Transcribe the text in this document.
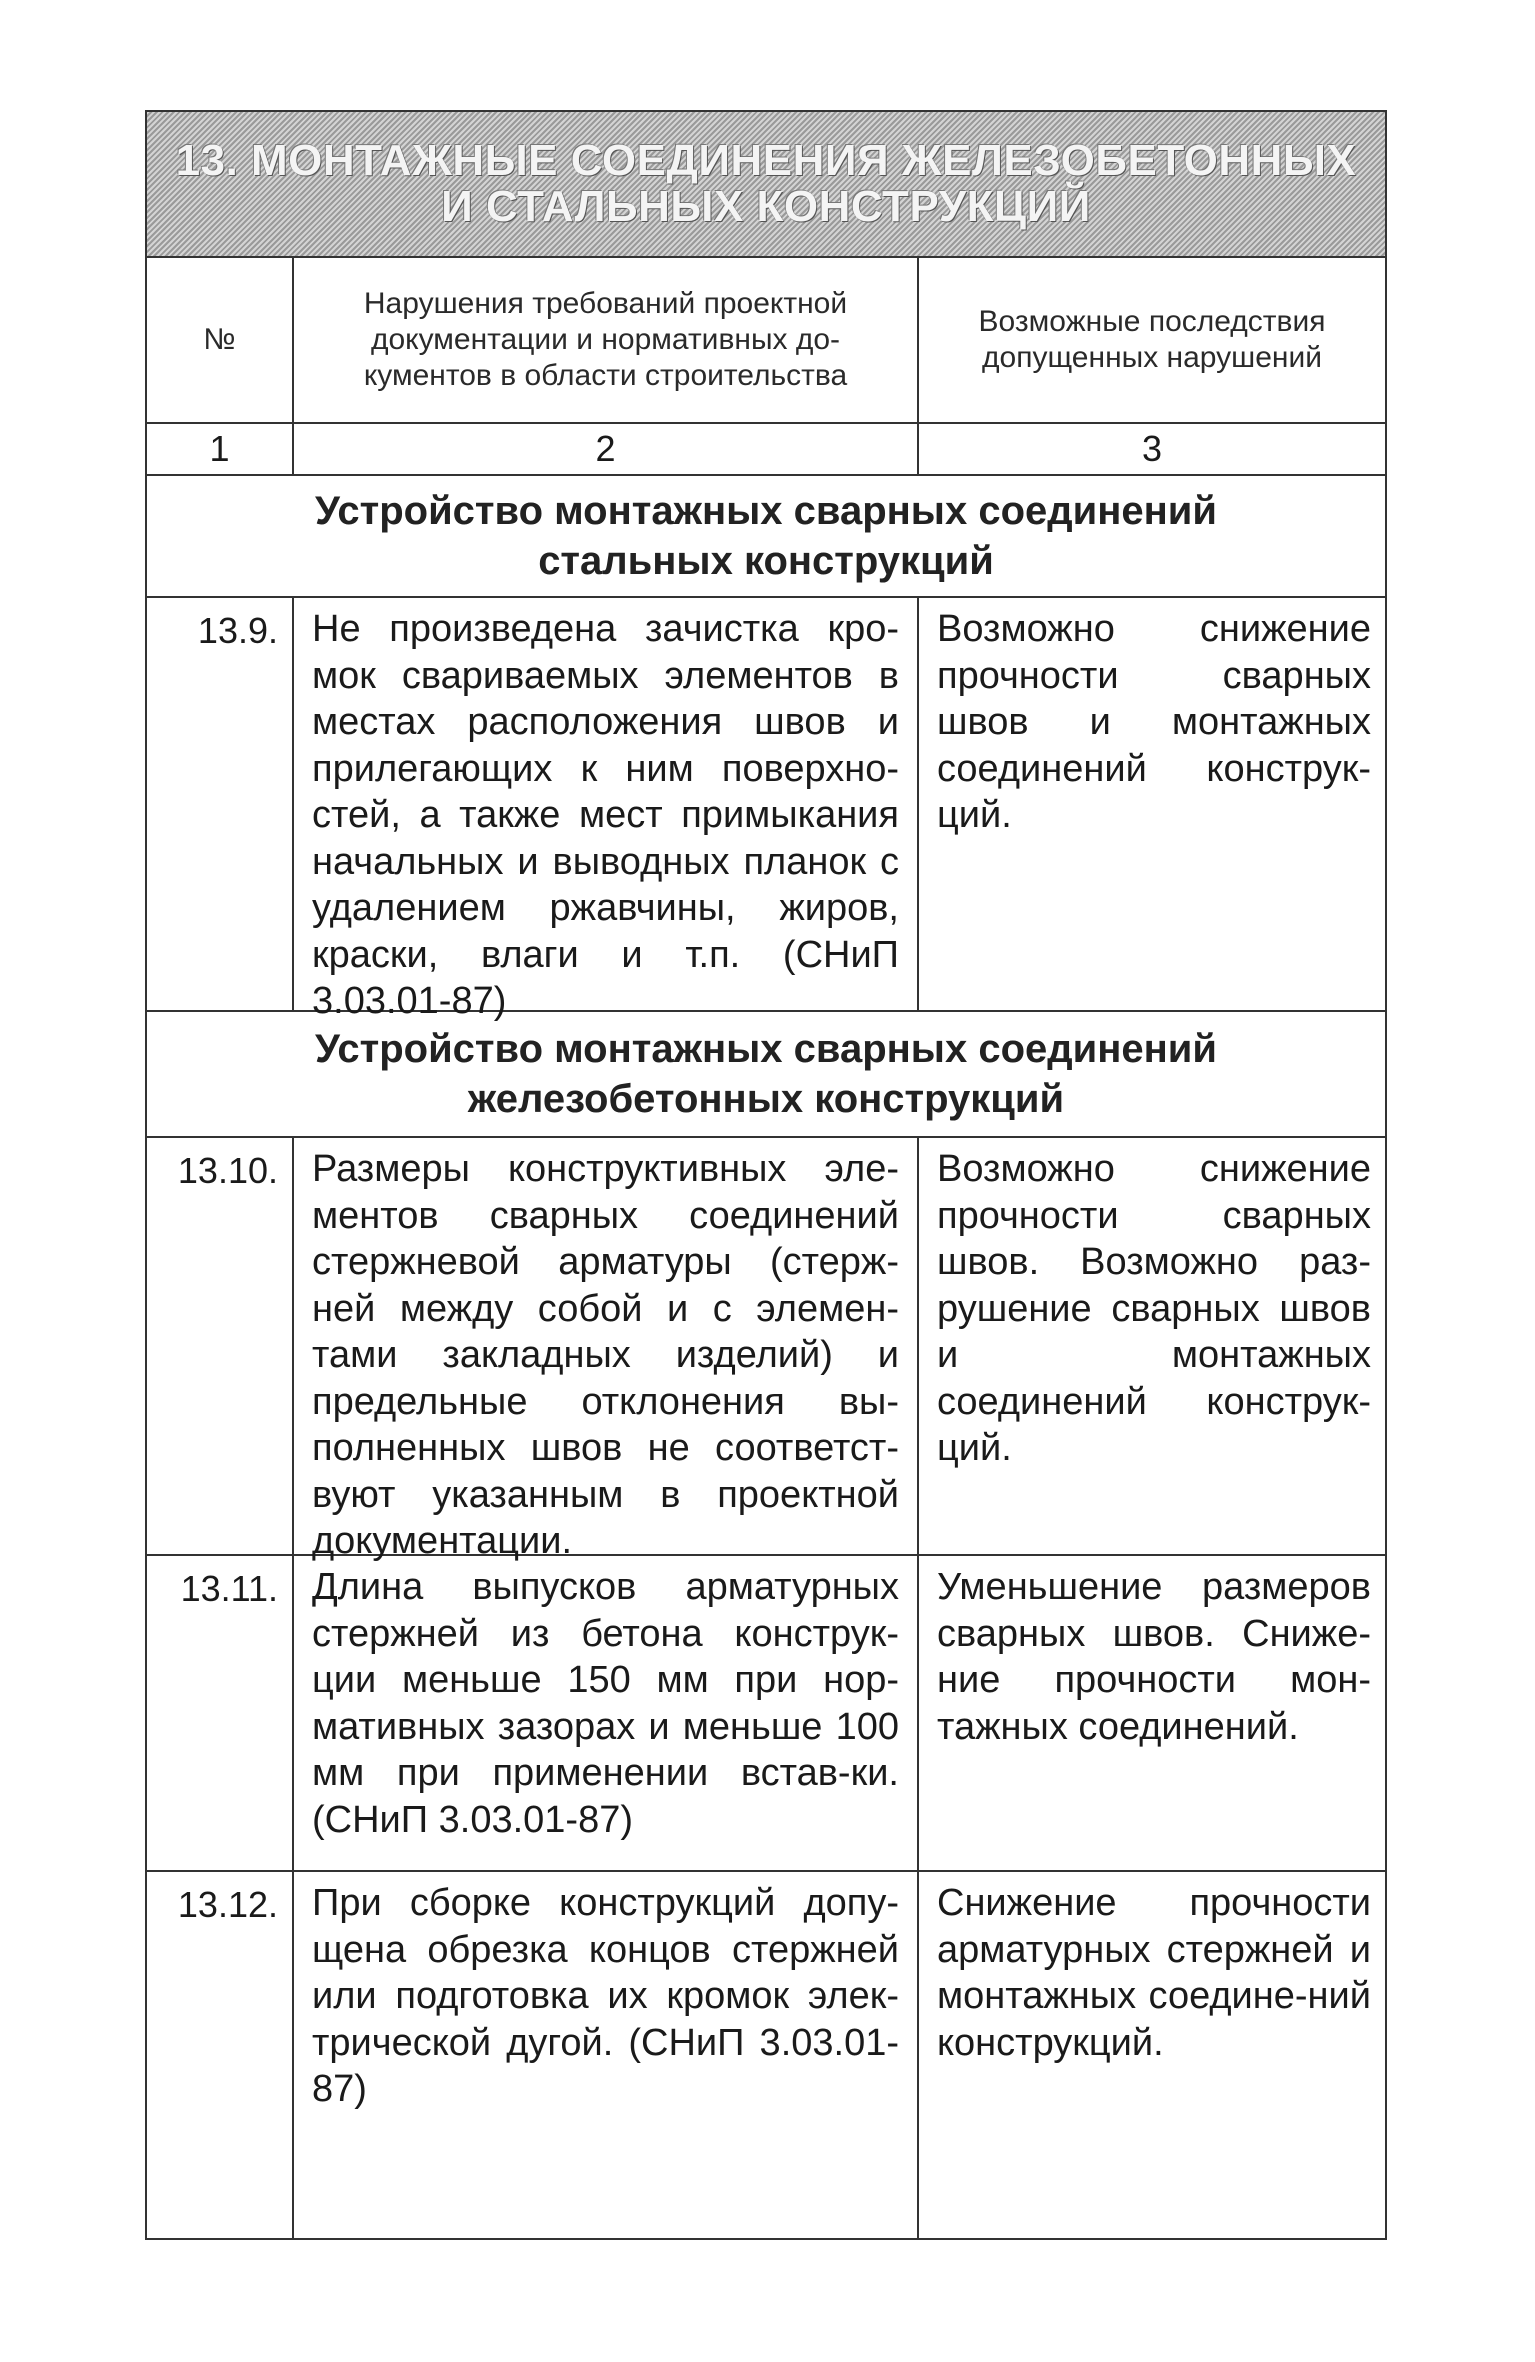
13. МОНТАЖНЫЕ СОЕДИНЕНИЯ ЖЕЛЕЗОБЕТОННЫХ
И СТАЛЬНЫХ КОНСТРУКЦИЙ
№
Нарушения требований проектной документации и нормативных до-кументов в области строительства
Возможные последствия допущенных нарушений
1	2	3
Устройство монтажных сварных соединений
стальных конструкций
13.9. Не произведена зачистка кро-мок свариваемых элементов в местах расположения швов и прилегающих к ним поверхно-стей, а также мест примыкания начальных и выводных планок с удалением ржавчины, жиров, краски, влаги и т.п. (СНиП 3.03.01-87)
Возможно снижение прочности сварных швов и монтажных соединений конструк-ций.
Устройство монтажных сварных соединений
железобетонных конструкций
13.10. Размеры конструктивных эле-ментов сварных соединений стержневой арматуры (стерж-ней между собой и с элемен-тами закладных изделий) и предельные отклонения вы-полненных швов не соответст-вуют указанным в проектной документации.
Возможно снижение прочности сварных швов. Возможно раз-рушение сварных швов и монтажных соединений конструк-ций.
13.11. Длина выпусков арматурных стержней из бетона конструк-ции меньше 150 мм при нор-мативных зазорах и меньше 100 мм при применении встав-ки. (СНиП 3.03.01-87)
Уменьшение размеров сварных швов. Сниже-ние прочности мон-тажных соединений.
13.12. При сборке конструкций допу-щена обрезка концов стержней или подготовка их кромок элек-трической дугой. (СНиП 3.03.01-87)
Снижение прочности арматурных стержней и монтажных соедине-ний конструкций.
